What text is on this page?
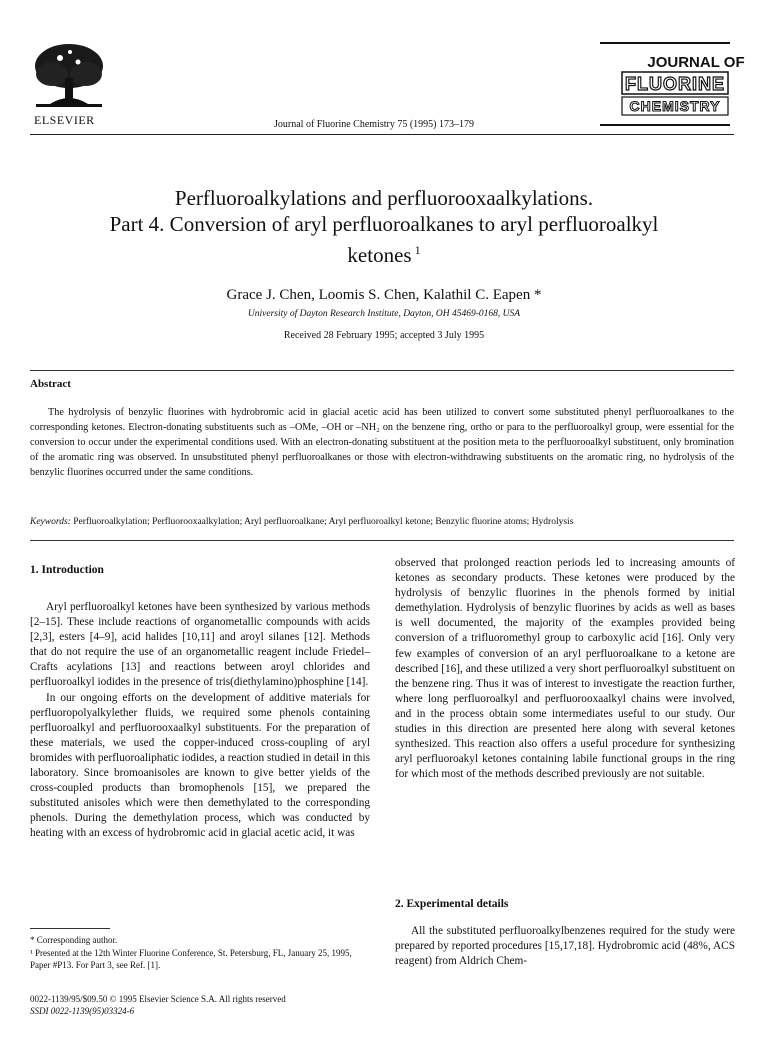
ELSEVIER	Journal of Fluorine Chemistry 75 (1995) 173–179
JOURNAL OF
FLUORINE
CHEMISTRY
Perfluoroalkylations and perfluorooxaalkylations.
Part 4. Conversion of aryl perfluoroalkanes to aryl perfluoroalkyl
ketones $^1$
Grace J. Chen, Loomis S. Chen, Kalathil C. Eapen *
University of Dayton Research Institute, Dayton, OH 45469-0168, USA
Received 28 February 1995; accepted 3 July 1995
Abstract

The hydrolysis of benzylic fluorines with hydrobromic acid in glacial acetic acid has been utilized to convert some substituted phenyl perfluoroalkanes to the corresponding ketones. Electron-donating substituents such as –OMe, –OH or –NH₂ on the benzene ring, ortho or para to the perfluoroalkyl group, were essential for the conversion to occur under the experimental conditions used. With an electron-donating substituent at the position meta to the perfluorooalkyl substituent, only bromination of the aromatic ring was observed. In unsubstituted phenyl perfluoroalkanes or those with electron-withdrawing substituents on the aromatic ring, no hydrolysis of the benzylic fluorines occurred under the same conditions.

Keywords: Perfluoroalkylation; Perfluorooxaalkylation; Aryl perfluoroalkane; Aryl perfluoroalkyl ketone; Benzylic fluorine atoms; Hydrolysis
1. Introduction

Aryl perfluoroalkyl ketones have been synthesized by various methods [2–15]. These include reactions of organometallic compounds with acids [2,3], esters [4–9], acid halides [10,11] and aroyl silanes [12]. Methods that do not require the use of an organometallic reagent include Friedel–Crafts acylations [13] and reactions between aroyl chlorides and perfluoroalkyl iodides in the presence of tris(diethylamino)phosphine [14].

In our ongoing efforts on the development of additive materials for perfluoropolyalkylether fluids, we required some phenols containing perfluoroalkyl and perfluorooxaalkyl substituents. For the preparation of these materials, we used the copper-induced cross-coupling of aryl bromides with perfluoroaliphatic iodides, a reaction studied in detail in this laboratory. Since bromoanisoles are known to give better yields of the cross-coupled products than bromophenols [15], we prepared the substituted anisoles which were then demethylated to the corresponding phenols. During the demethylation process, which was conducted by heating with an excess of hydrobromic acid in glacial acetic acid, it was

* Corresponding author.
¹ Presented at the 12th Winter Fluorine Conference, St. Petersburg, FL, January 25, 1995, Paper #P13. For Part 3, see Ref. [1].
0022-1139/95/$09.50 © 1995 Elsevier Science S.A. All rights reserved
SSDI 0022-1139(95)03324-6

observed that prolonged reaction periods led to increasing amounts of ketones as secondary products. These ketones were produced by the hydrolysis of benzylic fluorines in the phenols formed by initial demethylation. Hydrolysis of benzylic fluorines by acids as well as bases is well documented, the majority of the examples provided being conversion of a trifluoromethyl group to carboxylic acid [16]. Only very few examples of conversion of an aryl perfluoroalkane to a ketone are described [16], and these utilized a very short perfluoroalkyl substituent on the benzene ring. Thus it was of interest to investigate the reaction further, where long perfluoroalkyl and perfluorooxaalkyl chains were involved, and in the process obtain some intermediates useful to our study. Our studies in this direction are presented here along with several ketones synthesized. This reaction also offers a useful procedure for synthesizing aryl perfluoroakyl ketones containing labile functional groups in the ring for which most of the methods described previously are not suitable.

2. Experimental details

All the substituted perfluoroalkylbenzenes required for the study were prepared by reported procedures [15,17,18]. Hydrobromic acid (48%, ACS reagent) from Aldrich Chem-
